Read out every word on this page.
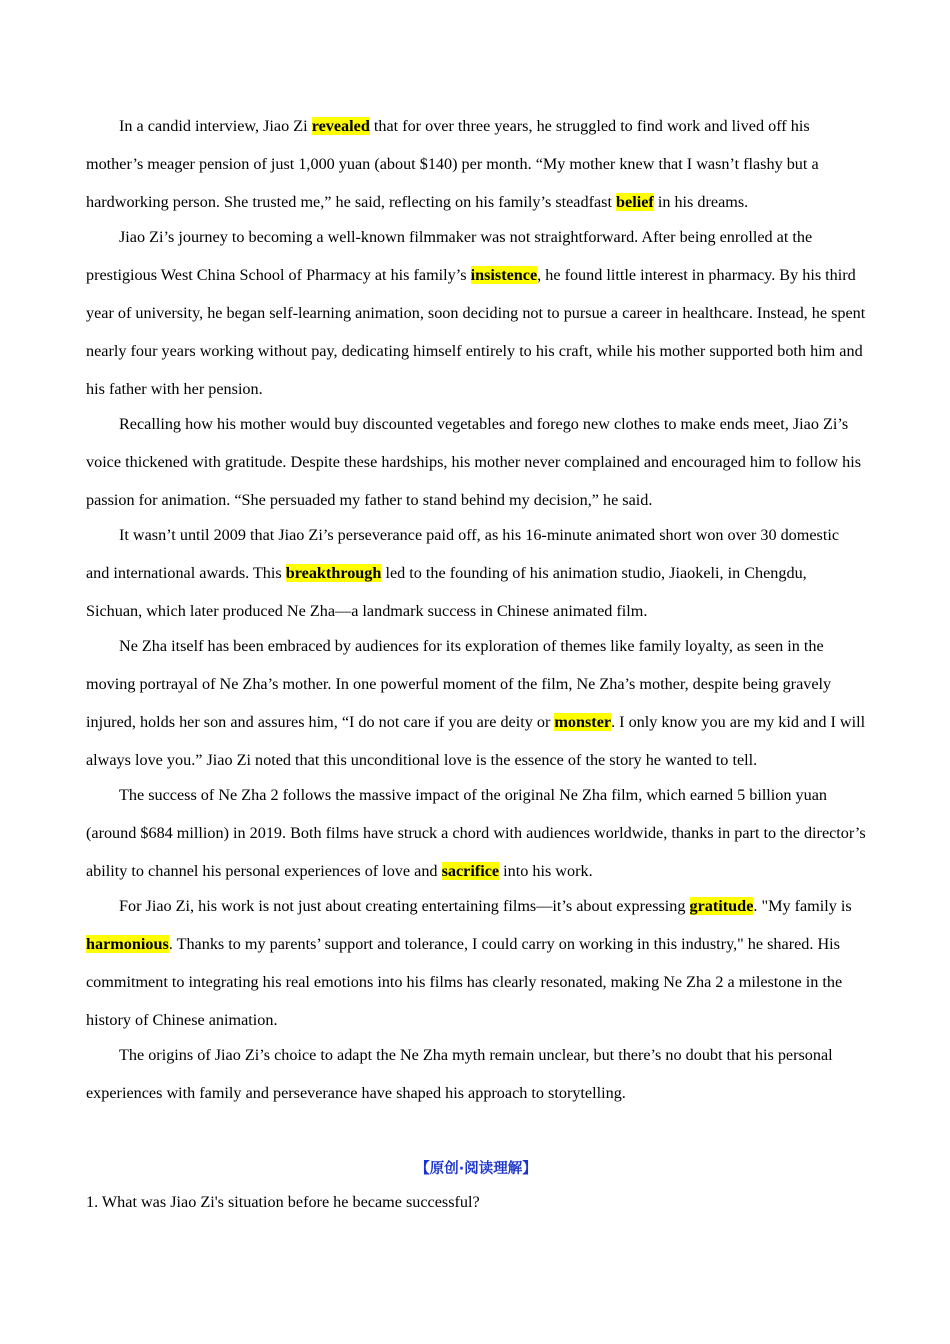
In a candid interview, Jiao Zi revealed that for over three years, he struggled to find work and lived off his mother’s meager pension of just 1,000 yuan (about $140) per month. “My mother knew that I wasn’t flashy but a hardworking person. She trusted me,” he said, reflecting on his family’s steadfast belief in his dreams.

Jiao Zi’s journey to becoming a well-known filmmaker was not straightforward. After being enrolled at the prestigious West China School of Pharmacy at his family’s insistence, he found little interest in pharmacy. By his third year of university, he began self-learning animation, soon deciding not to pursue a career in healthcare. Instead, he spent nearly four years working without pay, dedicating himself entirely to his craft, while his mother supported both him and his father with her pension.

Recalling how his mother would buy discounted vegetables and forego new clothes to make ends meet, Jiao Zi’s voice thickened with gratitude. Despite these hardships, his mother never complained and encouraged him to follow his passion for animation. “She persuaded my father to stand behind my decision,” he said.

It wasn’t until 2009 that Jiao Zi’s perseverance paid off, as his 16-minute animated short won over 30 domestic and international awards. This breakthrough led to the founding of his animation studio, Jiaokeli, in Chengdu, Sichuan, which later produced Ne Zha—a landmark success in Chinese animated film.

Ne Zha itself has been embraced by audiences for its exploration of themes like family loyalty, as seen in the moving portrayal of Ne Zha’s mother. In one powerful moment of the film, Ne Zha’s mother, despite being gravely injured, holds her son and assures him, “I do not care if you are deity or monster. I only know you are my kid and I will always love you.” Jiao Zi noted that this unconditional love is the essence of the story he wanted to tell.

The success of Ne Zha 2 follows the massive impact of the original Ne Zha film, which earned 5 billion yuan (around $684 million) in 2019. Both films have struck a chord with audiences worldwide, thanks in part to the director’s ability to channel his personal experiences of love and sacrifice into his work.

For Jiao Zi, his work is not just about creating entertaining films—it’s about expressing gratitude. "My family is harmonious. Thanks to my parents’ support and tolerance, I could carry on working in this industry," he shared. His commitment to integrating his real emotions into his films has clearly resonated, making Ne Zha 2 a milestone in the history of Chinese animation.

The origins of Jiao Zi’s choice to adapt the Ne Zha myth remain unclear, but there’s no doubt that his personal experiences with family and perseverance have shaped his approach to storytelling.

【原创·阅读理解】
1. What was Jiao Zi's situation before he became successful?
